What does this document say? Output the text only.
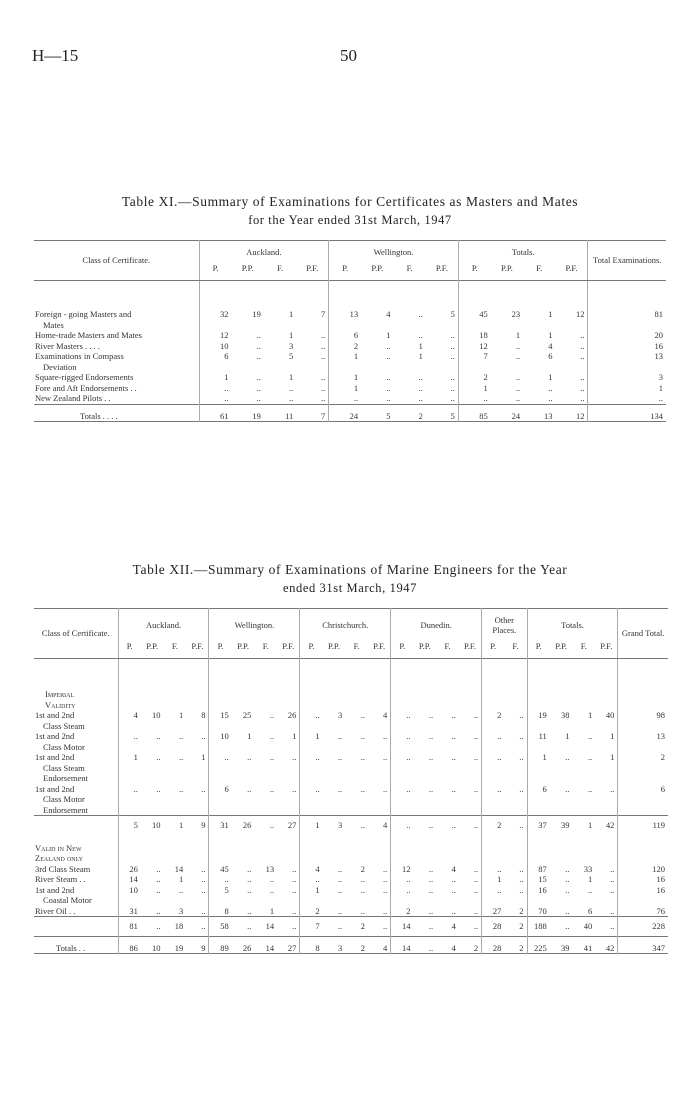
H—15	50
Table XI.—Summary of Examinations for Certificates as Masters and Mates
for the Year ended 31st March, 1947
Class of Certificate.	Auckland.				Wellington.				Totals.				Total Examinations.
	P.	P.P.	F.	P.F.	P.	P.P.	F.	P.F.	P.	P.P.	F.	P.F.	

Foreign - going Masters and
Mates	32	19	1	7	13	4	..	5	45	23	1	12	81

Home-trade Masters and Mates	12	..	1	..	6	1	..	..	18	1	1	..	20

River Masters . . . .	10	..	3	..	2	..	1	..	12	..	4	..	16

Examinations in Compass
Deviation	6	..	5	..	1	..	1	..	7	..	6	..	13

Square-rigged Endorsements	1	..	1	..	1	..	..	..	2	..	1	..	3

Fore and Aft Endorsements . .	..	..	..	..	1	..	..	..	1	..	..	..	1

New Zealand Pilots . .	..	..	..	..	..	..	..	..	..	..	..	..	..

Totals . . . .	61	19	11	7	24	5	2	5	85	24	13	12	134
Table XII.—Summary of Examinations of Marine Engineers for the Year
ended 31st March, 1947
Class of Certificate.	Auckland.				Wellington.				Christchurch.				Dunedin.				Other Places.		Totals.				Grand Total.
	P.	P.P.	F.	P.F.	P.	P.P.	F.	P.F.	P.	P.P.	F.	P.F.	P.	P.P.	F.	P.F.	P.	F.	P.	P.P.	F.	P.F.	

Imperial
Validity																							

1st and 2nd
Class Steam	4	10	1	8	15	25	..	26	..	3	..	4	..	..	..	..	2	..	19	38	1	40	98

1st and 2nd
Class Motor	..	..	..	..	10	1	..	1	1	..	..	..	..	..	..	..	..	..	11	1	..	1	13

1st and 2nd
Class Steam
Endorsement	1	..	..	1	..	..	..	..	..	..	..	..	..	..	..	..	..	..	1	..	..	1	2

1st and 2nd
Class Motor
Endorsement	..	..	..	..	6	..	..	..	..	..	..	..	..	..	..	..	..	..	6	..	..	..	6

	5	10	1	9	31	26	..	27	1	3	..	4	..	..	..	..	2	..	37	39	1	42	119

Valid in New
Zealand only																							

3rd Class Steam	26	..	14	..	45	..	13	..	4	..	2	..	12	..	4	..	..	..	87	..	33	..	120

River Steam . .	14	..	1	..	..	..	..	..	..	..	..	..	..	..	..	..	1	..	15	..	1	..	16

1st and 2nd
Coastal Motor	10	..	..	..	5	..	..	..	1	..	..	..	..	..	..	..	..	..	16	..	..	..	16

River Oil . .	31	..	3	..	8	..	1	..	2	..	..	..	2	..	..	..	27	2	70	..	6	..	76

	81	..	18	..	58	..	14	..	7	..	2	..	14	..	4	..	28	2	188	..	40	..	228

Totals . .	86	10	19	9	89	26	14	27	8	3	2	4	14	..	4	2	28	2	225	39	41	42	347
